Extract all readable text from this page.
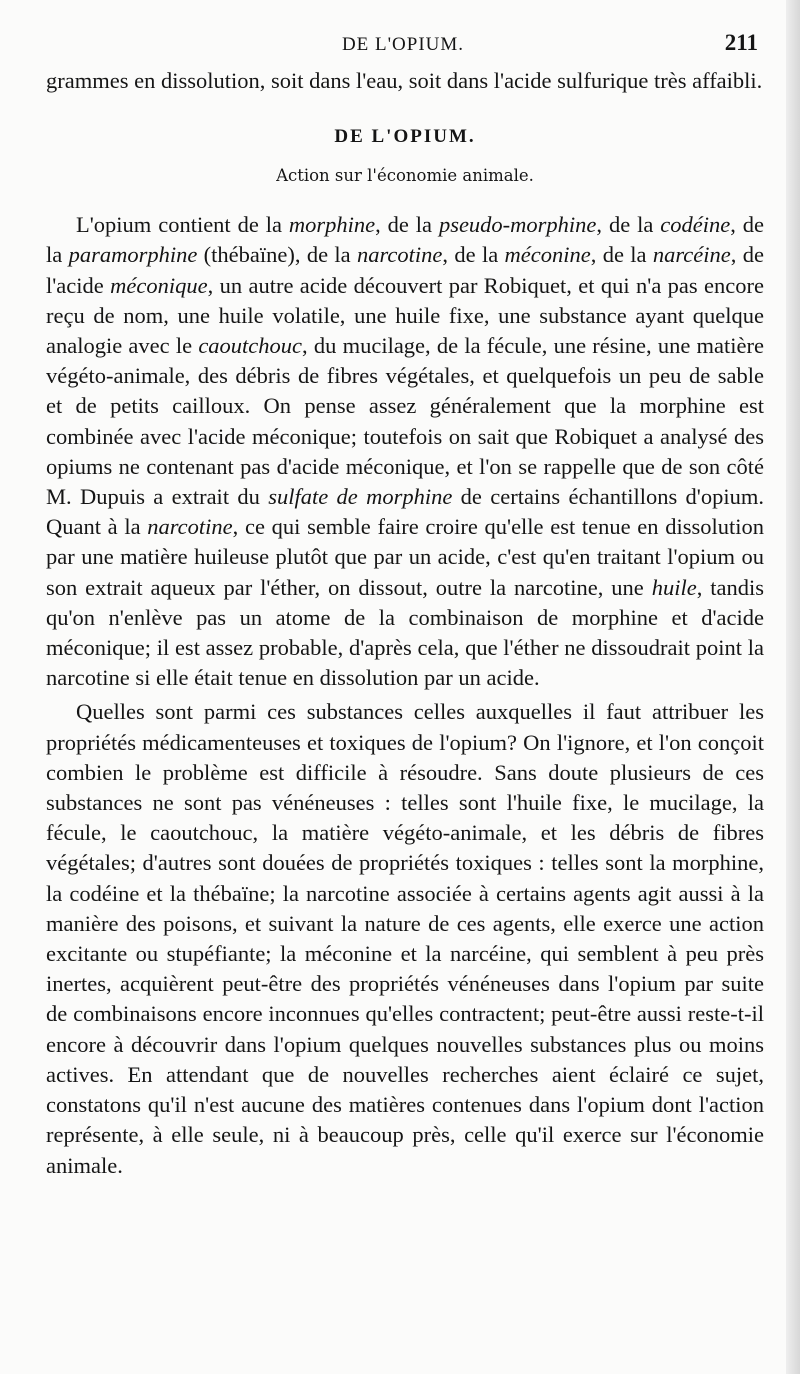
DE L'OPIUM.	211

grammes en dissolution, soit dans l'eau, soit dans l'acide sulfurique très affaibli.

DE L'OPIUM.
Action sur l'économie animale.

L'opium contient de la morphine, de la pseudo-morphine, de la codéine, de la paramorphine (thébaïne), de la narcotine, de la méconine, de la narcéine, de l'acide méconique, un autre acide découvert par Robiquet, et qui n'a pas encore reçu de nom, une huile volatile, une huile fixe, une substance ayant quelque analogie avec le caoutchouc, du mucilage, de la fécule, une résine, une matière végéto-animale, des débris de fibres végétales, et quelquefois un peu de sable et de petits cailloux. On pense assez généralement que la morphine est combinée avec l'acide méconique; toutefois on sait que Robiquet a analysé des opiums ne contenant pas d'acide méconique, et l'on se rappelle que de son côté M. Dupuis a extrait du sulfate de morphine de certains échantillons d'opium. Quant à la narcotine, ce qui semble faire croire qu'elle est tenue en dissolution par une matière huileuse plutôt que par un acide, c'est qu'en traitant l'opium ou son extrait aqueux par l'éther, on dissout, outre la narcotine, une huile, tandis qu'on n'enlève pas un atome de la combinaison de morphine et d'acide méconique; il est assez probable, d'après cela, que l'éther ne dissoudrait point la narcotine si elle était tenue en dissolution par un acide.

Quelles sont parmi ces substances celles auxquelles il faut attribuer les propriétés médicamenteuses et toxiques de l'opium? On l'ignore, et l'on conçoit combien le problème est difficile à résoudre. Sans doute plusieurs de ces substances ne sont pas vénéneuses : telles sont l'huile fixe, le mucilage, la fécule, le caoutchouc, la matière végéto-animale, et les débris de fibres végétales; d'autres sont douées de propriétés toxiques : telles sont la morphine, la codéine et la thébaïne; la narcotine associée à certains agents agit aussi à la manière des poisons, et suivant la nature de ces agents, elle exerce une action excitante ou stupéfiante; la méconine et la narcéine, qui semblent à peu près inertes, acquièrent peut-être des propriétés vénéneuses dans l'opium par suite de combinaisons encore inconnues qu'elles contractent; peut-être aussi reste-t-il encore à découvrir dans l'opium quelques nouvelles substances plus ou moins actives. En attendant que de nouvelles recherches aient éclairé ce sujet, constatons qu'il n'est aucune des matières contenues dans l'opium dont l'action représente, à elle seule, ni à beaucoup près, celle qu'il exerce sur l'économie animale.
